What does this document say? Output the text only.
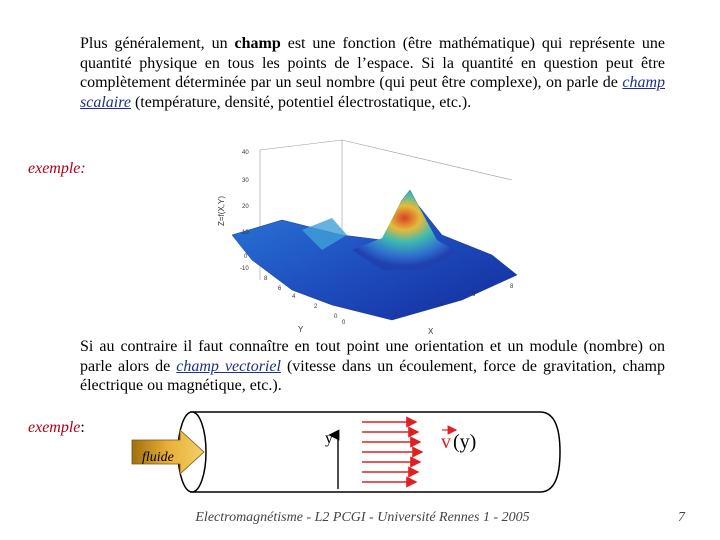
Plus généralement, un champ est une fonction (être mathématique) qui représente une quantité physique en tous les points de l’espace. Si la quantité en question peut être complètement déterminée par un seul nombre (qui peut être complexe), on parle de champ scalaire (température, densité, potentiel électrostatique, etc.).
exemple:
40
30
20
10
0
-10
8
6
4
2
0
0
2
4
6
8
Z=f(X,Y)
Y	X
Si au contraire il faut connaître en tout point une orientation et un module (nombre) on parle alors de champ vectoriel (vitesse dans un écoulement, force de gravitation, champ électrique ou magnétique, etc.).
exemple:
fluide
y	v (y)
Electromagnétisme - L2 PCGI - Université Rennes 1 - 2005	7
